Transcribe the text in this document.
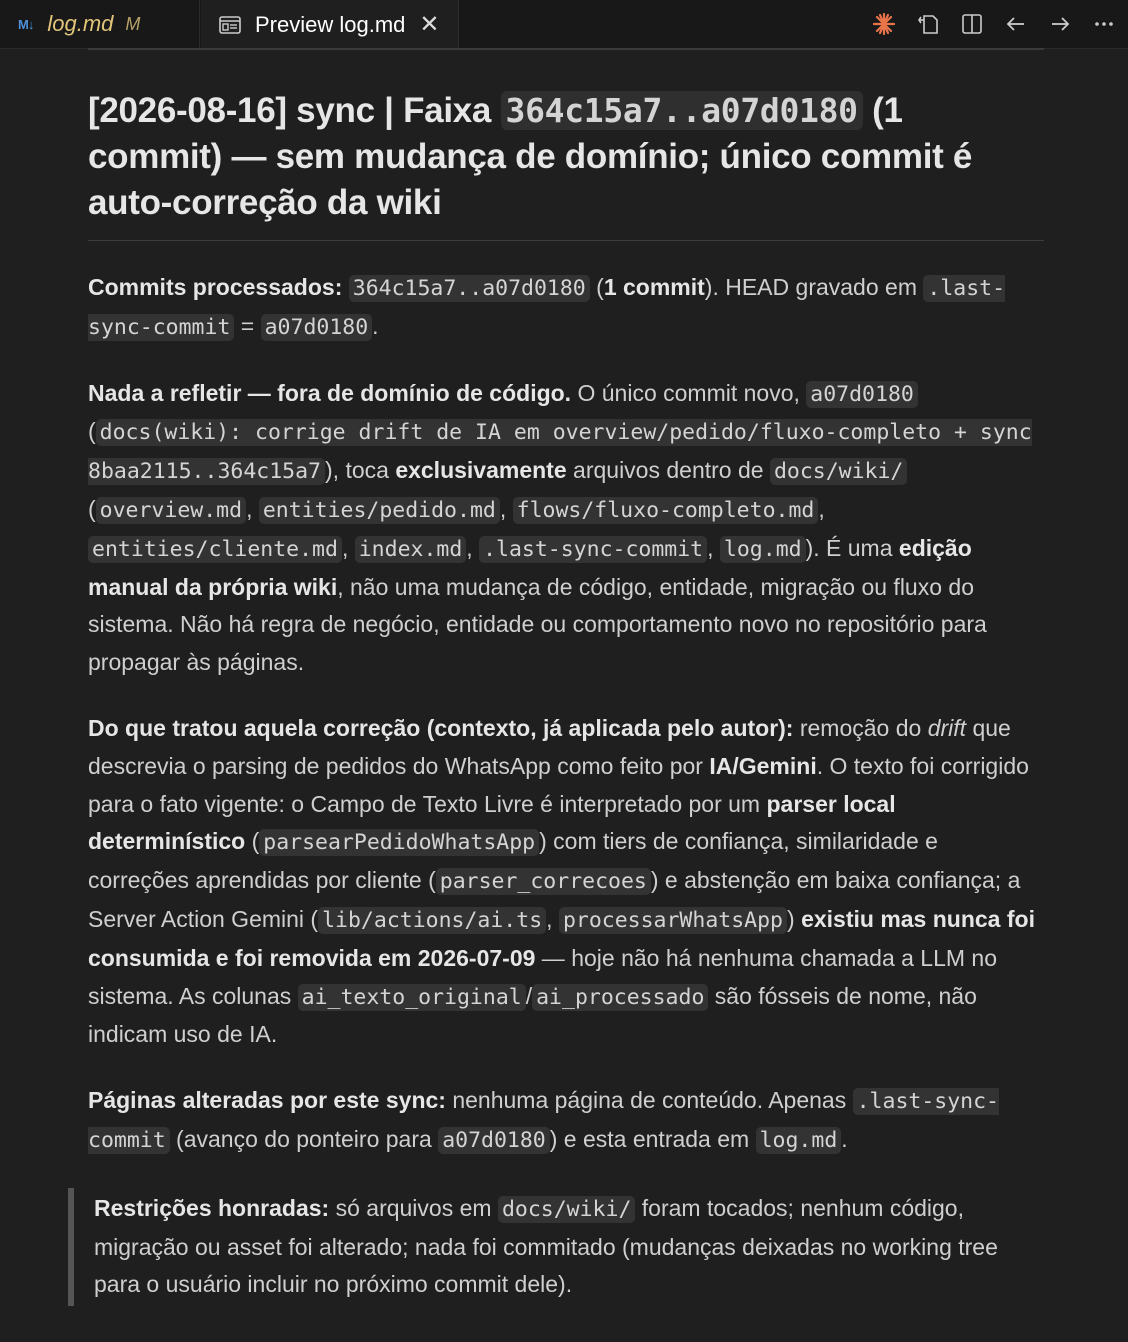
M↓ log.md M	Preview log.md ✕
[2026-08-16] sync | Faixa 364c15a7..a07d0180 (1 commit) — sem mudança de domínio; único commit é auto-correção da wiki

Commits processados: 364c15a7..a07d0180 (1 commit). HEAD gravado em .last-sync-commit = a07d0180 .

Nada a refletir — fora de domínio de código. O único commit novo, a07d0180 ( docs(wiki): corrige drift de IA em overview/pedido/fluxo-completo + sync 8baa2115..364c15a7 ), toca exclusivamente arquivos dentro de docs/wiki/ ( overview.md , entities/pedido.md , flows/fluxo-completo.md , entities/cliente.md , index.md , .last-sync-commit , log.md ). É uma edição manual da própria wiki, não uma mudança de código, entidade, migração ou fluxo do sistema. Não há regra de negócio, entidade ou comportamento novo no repositório para propagar às páginas.

Do que tratou aquela correção (contexto, já aplicada pelo autor): remoção do drift que descrevia o parsing de pedidos do WhatsApp como feito por IA/Gemini. O texto foi corrigido para o fato vigente: o Campo de Texto Livre é interpretado por um parser local determinístico ( parsearPedidoWhatsApp ) com tiers de confiança, similaridade e correções aprendidas por cliente ( parser_correcoes ) e abstenção em baixa confiança; a Server Action Gemini ( lib/actions/ai.ts , processarWhatsApp ) existiu mas nunca foi consumida e foi removida em 2026-07-09 — hoje não há nenhuma chamada a LLM no sistema. As colunas ai_texto_original / ai_processado são fósseis de nome, não indicam uso de IA.

Páginas alteradas por este sync: nenhuma página de conteúdo. Apenas .last-sync-commit (avanço do ponteiro para a07d0180 ) e esta entrada em log.md .

Restrições honradas: só arquivos em docs/wiki/ foram tocados; nenhum código, migração ou asset foi alterado; nada foi commitado (mudanças deixadas no working tree para o usuário incluir no próximo commit dele).
